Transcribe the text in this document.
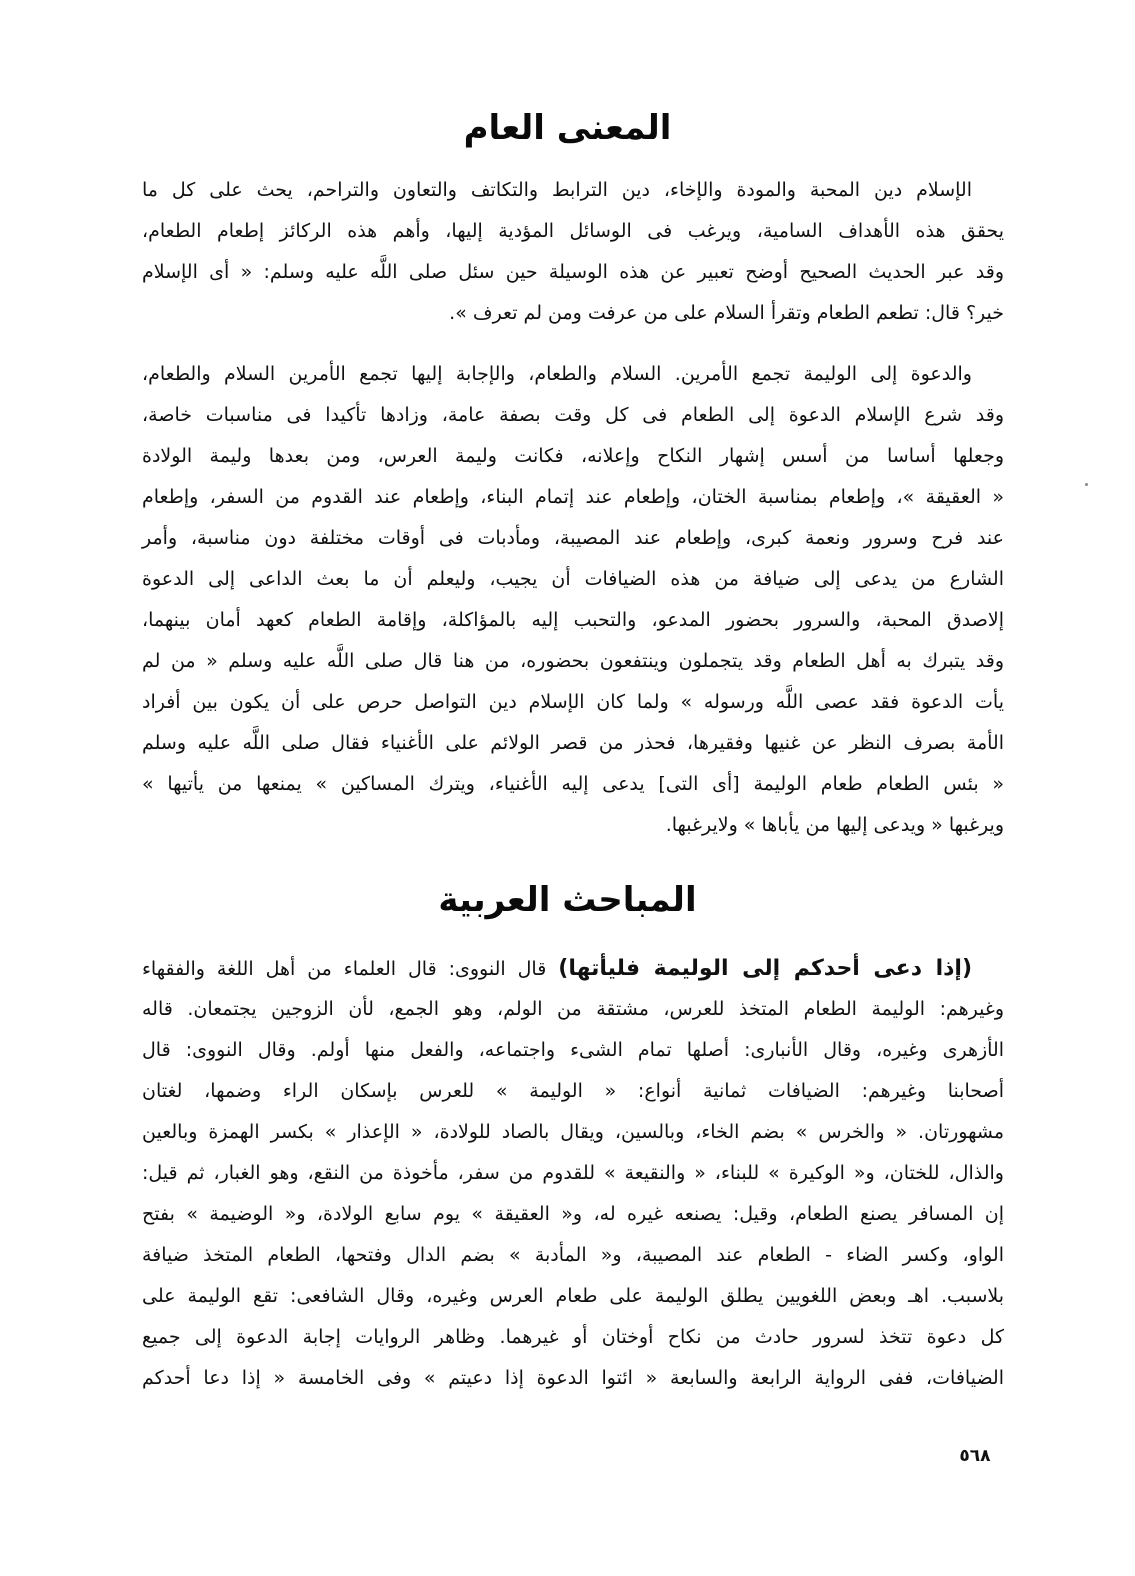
المعنى العام
الإسلام دين المحبة والمودة والإخاء، دين الترابط والتكاتف والتعاون والتراحم، يحث على كل ما
يحقق هذه الأهداف السامية، ويرغب فى الوسائل المؤدية إليها، وأهم هذه الركائز إطعام الطعام،
وقد عبر الحديث الصحيح أوضح تعبير عن هذه الوسيلة حين سئل صلى اللَّه عليه وسلم: « أى الإسلام
خير؟ قال: تطعم الطعام وتقرأ السلام على من عرفت ومن لم تعرف ».
والدعوة إلى الوليمة تجمع الأمرين. السلام والطعام، والإجابة إليها تجمع الأمرين السلام والطعام،
وقد شرع الإسلام الدعوة إلى الطعام فى كل وقت بصفة عامة، وزادها تأكيدا فى مناسبات خاصة،
وجعلها أساسا من أسس إشهار النكاح وإعلانه، فكانت وليمة العرس، ومن بعدها وليمة الولادة
« العقيقة »، وإطعام بمناسبة الختان، وإطعام عند إتمام البناء، وإطعام عند القدوم من السفر، وإطعام
عند فرح وسرور ونعمة كبرى، وإطعام عند المصيبة، ومأدبات فى أوقات مختلفة دون مناسبة، وأمر
الشارع من يدعى إلى ضيافة من هذه الضيافات أن يجيب، وليعلم أن ما بعث الداعى إلى الدعوة
إلاصدق المحبة، والسرور بحضور المدعو، والتحبب إليه بالمؤاكلة، وإقامة الطعام كعهد أمان بينهما،
وقد يتبرك به أهل الطعام وقد يتجملون وينتفعون بحضوره، من هنا قال صلى اللَّه عليه وسلم « من لم
يأت الدعوة فقد عصى اللَّه ورسوله » ولما كان الإسلام دين التواصل حرص على أن يكون بين أفراد
الأمة بصرف النظر عن غنيها وفقيرها، فحذر من قصر الولائم على الأغنياء فقال صلى اللَّه عليه وسلم
« بئس الطعام طعام الوليمة [أى التى] يدعى إليه الأغنياء، ويترك المساكين » يمنعها من يأتيها »
ويرغبها « ويدعى إليها من يأباها » ولايرغبها.
المباحث العربية
(إذا دعى أحدكم إلى الوليمة فليأتها) قال النووى: قال العلماء من أهل اللغة والفقهاء
وغيرهم: الوليمة الطعام المتخذ للعرس، مشتقة من الولم، وهو الجمع، لأن الزوجين يجتمعان. قاله
الأزهرى وغيره، وقال الأنبارى: أصلها تمام الشىء واجتماعه، والفعل منها أولم. وقال النووى: قال
أصحابنا وغيرهم: الضيافات ثمانية أنواع: « الوليمة » للعرس بإسكان الراء وضمها، لغتان
مشهورتان. « والخرس » بضم الخاء، وبالسين، ويقال بالصاد للولادة، « الإعذار » بكسر الهمزة وبالعين
والذال، للختان، و« الوكيرة » للبناء، « والنقيعة » للقدوم من سفر، مأخوذة من النقع، وهو الغبار، ثم قيل:
إن المسافر يصنع الطعام، وقيل: يصنعه غيره له، و« العقيقة » يوم سابع الولادة، و« الوضيمة » بفتح
الواو، وكسر الضاء - الطعام عند المصيبة، و« المأدبة » بضم الدال وفتحها، الطعام المتخذ ضيافة
بلاسبب. اهـ وبعض اللغويين يطلق الوليمة على طعام العرس وغيره، وقال الشافعى: تقع الوليمة على
كل دعوة تتخذ لسرور حادث من نكاح أوختان أو غيرهما. وظاهر الروايات إجابة الدعوة إلى جميع
الضيافات، ففى الرواية الرابعة والسابعة « ائتوا الدعوة إذا دعيتم » وفى الخامسة « إذا دعا أحدكم
٥٦٨
